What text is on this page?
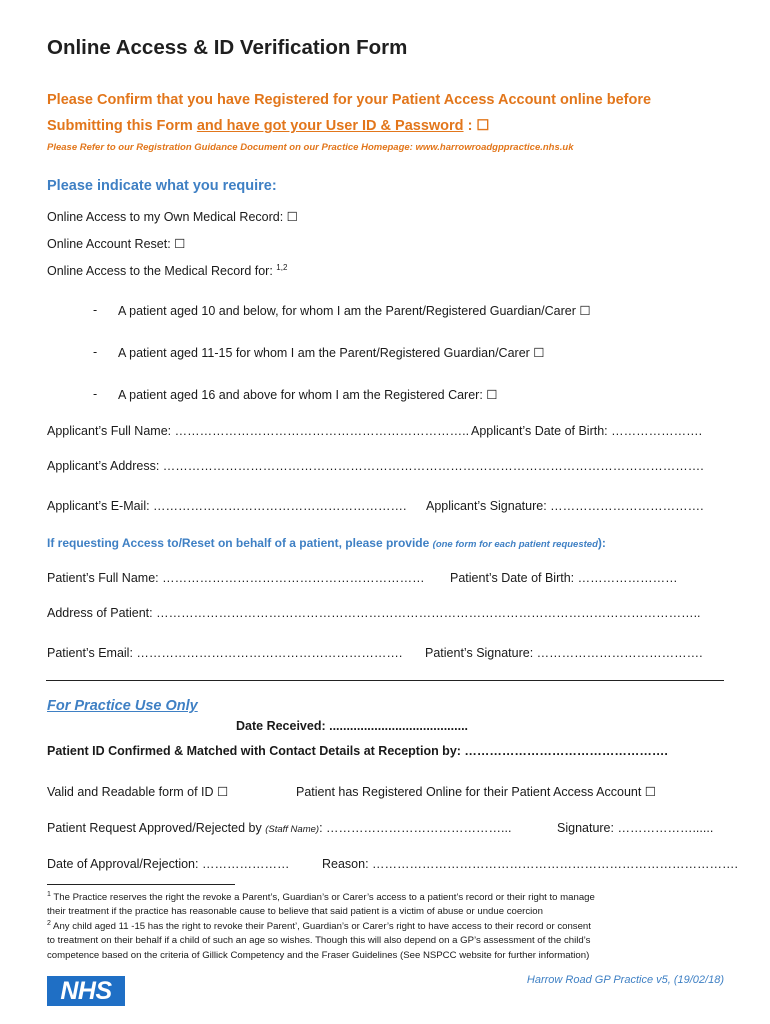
Online Access & ID Verification Form
Please Confirm that you have Registered for your Patient Access Account online before
Submitting this Form and have got your User ID & Password : ☐
Please Refer to our Registration Guidance Document on our Practice Homepage: www.harrowroadgppractice.nhs.uk
Please indicate what you require:
Online Access to my Own Medical Record: ☐
Online Account Reset: ☐
Online Access to the Medical Record for: $^{1,2}$
- A patient aged 10 and below, for whom I am the Parent/Registered Guardian/Carer ☐
- A patient aged 11-15 for whom I am the Parent/Registered Guardian/Carer ☐
- A patient aged 16 and above for whom I am the Registered Carer: ☐
Applicant’s Full Name: …………………………………………………………….. Applicant’s Date of Birth: ………………….
Applicant’s Address: ………………………………………………………………………………………………………………….
Applicant’s E-Mail: ……………………………………………………. Applicant’s Signature: ……………………………….
If requesting Access to/Reset on behalf of a patient, please provide (one form for each patient requested):
Patient’s Full Name: ……………………………………………………… Patient’s Date of Birth: ……………………
Address of Patient: …………………………………………………………………………………………………………………..
Patient’s Email: ………………………………………………………. Patient’s Signature: ………………………………….
For Practice Use Only
Date Received: ........................................
Patient ID Confirmed & Matched with Contact Details at Reception by: ………………………………………….
Valid and Readable form of ID ☐	Patient has Registered Online for their Patient Access Account ☐
Patient Request Approved/Rejected by (Staff Name): ……………………………………...	Signature: ………………......
Date of Approval/Rejection: …………………	Reason: …………………………………………………………………………….
$^1$ The Practice reserves the right the revoke a Parent’s, Guardian’s or Carer’s access to a patient’s record or their right to manage
their treatment if the practice has reasonable cause to believe that said patient is a victim of abuse or undue coercion
$^2$ Any child aged 11 -15 has the right to revoke their Parent’, Guardian’s or Carer’s right to have access to their record or consent
to treatment on their behalf if a child of such an age so wishes. Though this will also depend on a GP’s assessment of the child’s
competence based on the criteria of Gillick Competency and the Fraser Guidelines (See NSPCC website for further information)
NHS	Harrow Road GP Practice v5, (19/02/18)
